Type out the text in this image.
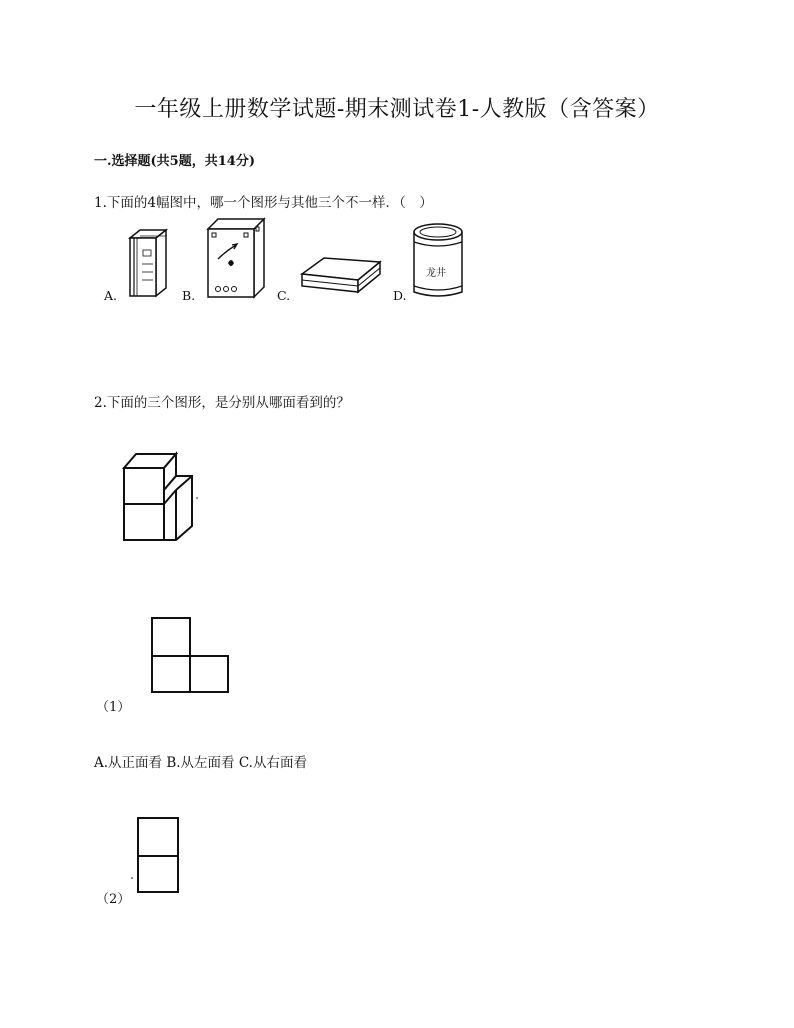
一年级上册数学试题-期末测试卷1-人教版（含答案）
一.选择题(共5题，共14分)
1.下面的4幅图中，哪一个图形与其他三个不一样．（　）
A.	B.	C.	D.
龙井
2.下面的三个图形，是分别从哪面看到的？
（1）
A.从正面看 B.从左面看 C.从右面看
（2）
